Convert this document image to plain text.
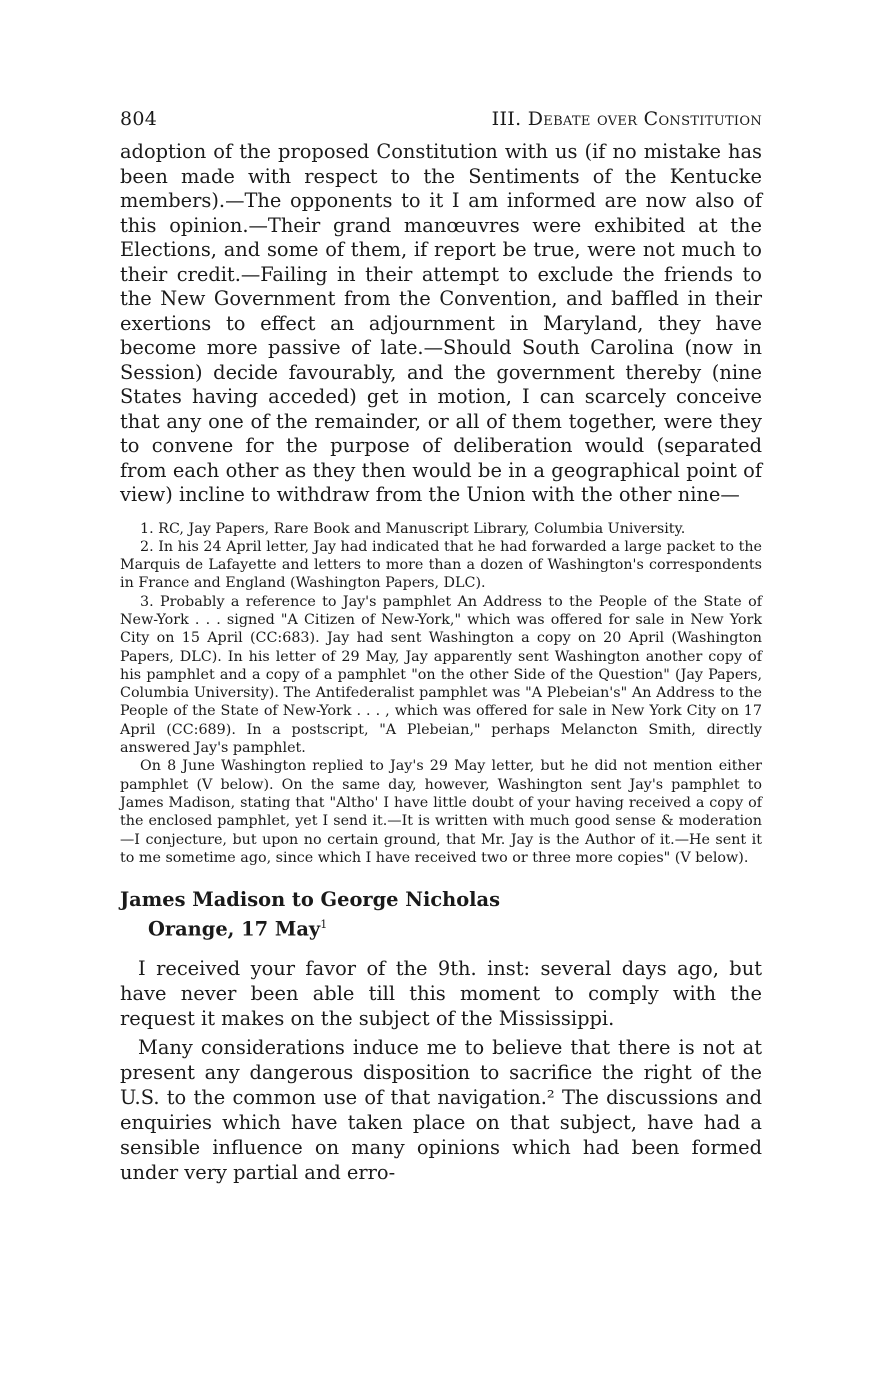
804	III. Debate over Constitution

adoption of the proposed Constitution with us (if no mistake has been made with respect to the Sentiments of the Kentucke members).—The opponents to it I am informed are now also of this opinion.—Their grand manœuvres were exhibited at the Elections, and some of them, if report be true, were not much to their credit.—Failing in their attempt to exclude the friends to the New Government from the Convention, and baffled in their exertions to effect an adjournment in Maryland, they have become more passive of late.—Should South Carolina (now in Session) decide favourably, and the government thereby (nine States having acceded) get in motion, I can scarcely conceive that any one of the remainder, or all of them together, were they to convene for the purpose of deliberation would (separated from each other as they then would be in a geographical point of view) incline to withdraw from the Union with the other nine—

1. RC, Jay Papers, Rare Book and Manuscript Library, Columbia University.

2. In his 24 April letter, Jay had indicated that he had forwarded a large packet to the Marquis de Lafayette and letters to more than a dozen of Washington's correspondents in France and England (Washington Papers, DLC).

3. Probably a reference to Jay's pamphlet An Address to the People of the State of New-York . . . signed "A Citizen of New-York," which was offered for sale in New York City on 15 April (CC:683). Jay had sent Washington a copy on 20 April (Washington Papers, DLC). In his letter of 29 May, Jay apparently sent Washington another copy of his pamphlet and a copy of a pamphlet "on the other Side of the Question" (Jay Papers, Columbia University). The Antifederalist pamphlet was "A Plebeian's" An Address to the People of the State of New-York . . . , which was offered for sale in New York City on 17 April (CC:689). In a postscript, "A Plebeian," perhaps Melancton Smith, directly answered Jay's pamphlet.

On 8 June Washington replied to Jay's 29 May letter, but he did not mention either pamphlet (V below). On the same day, however, Washington sent Jay's pamphlet to James Madison, stating that "Altho' I have little doubt of your having received a copy of the enclosed pamphlet, yet I send it.—It is written with much good sense & moderation—I conjecture, but upon no certain ground, that Mr. Jay is the Author of it.—He sent it to me sometime ago, since which I have received two or three more copies" (V below).

James Madison to George Nicholas
Orange, 17 May$^1$

I received your favor of the 9th. inst: several days ago, but have never been able till this moment to comply with the request it makes on the subject of the Mississippi.

Many considerations induce me to believe that there is not at present any dangerous disposition to sacrifice the right of the U.S. to the common use of that navigation.² The discussions and enquiries which have taken place on that subject, have had a sensible influence on many opinions which had been formed under very partial and erro-
